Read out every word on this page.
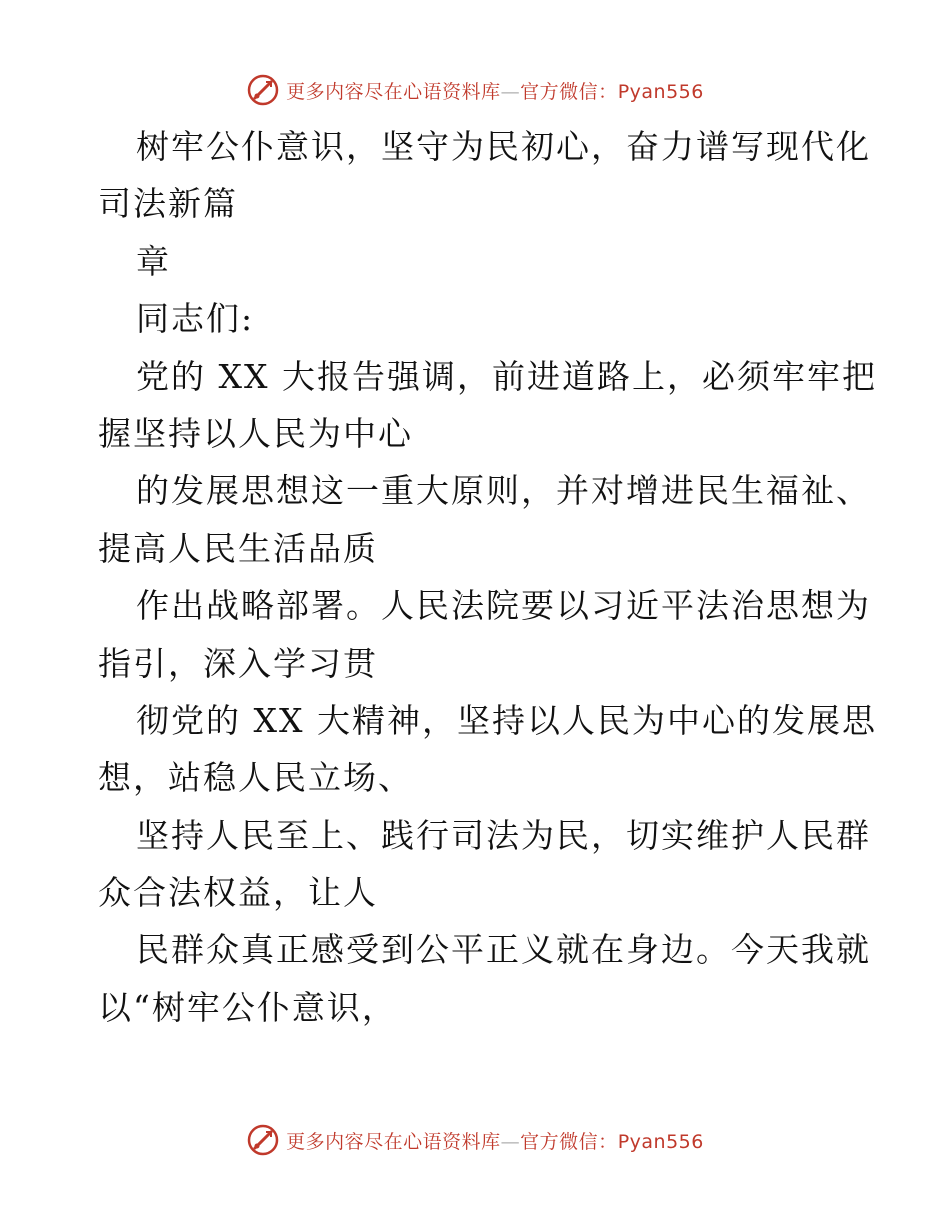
更多内容尽在心语资料库—官方微信：Pyan556
树牢公仆意识，坚守为民初心，奋力谱写现代化
司法新篇
章
同志们:
党的 XX 大报告强调，前进道路上，必须牢牢把
握坚持以人民为中心
的发展思想这一重大原则，并对增进民生福祉、
提高人民生活品质
作出战略部署。人民法院要以习近平法治思想为
指引，深入学习贯
彻党的 XX 大精神，坚持以人民为中心的发展思
想，站稳人民立场、
坚持人民至上、践行司法为民，切实维护人民群
众合法权益，让人
民群众真正感受到公平正义就在身边。今天我就
以“树牢公仆意识，
更多内容尽在心语资料库—官方微信：Pyan556
